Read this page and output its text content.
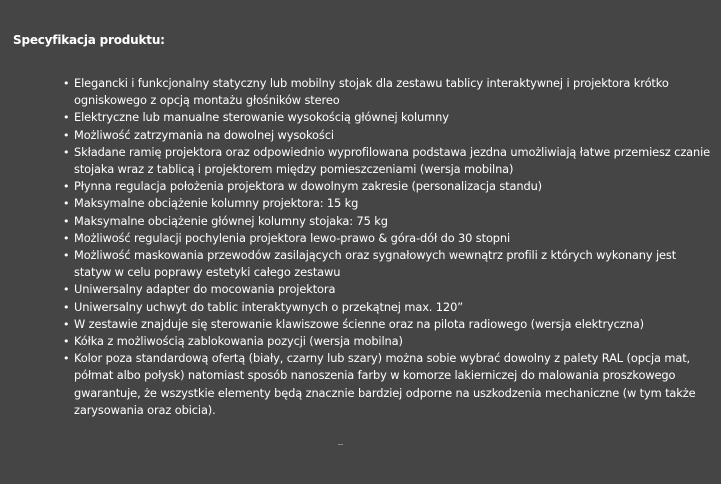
Specyfikacja produktu:
• Elegancki i funkcjonalny statyczny lub mobilny stojak dla zestawu tablicy interaktywnej i projektora krótko ogniskowego z opcją montażu głośników stereo
• Elektryczne lub manualne sterowanie wysokością głównej kolumny
• Możliwość zatrzymania na dowolnej wysokości
• Składane ramię projektora oraz odpowiednio wyprofilowana podstawa jezdna umożliwiają łatwe przemiesz czanie stojaka wraz z tablicą i projektorem między pomieszczeniami (wersja mobilna)
• Płynna regulacja położenia projektora w dowolnym zakresie (personalizacja standu)
• Maksymalne obciążenie kolumny projektora: 15 kg
• Maksymalne obciążenie głównej kolumny stojaka: 75 kg
• Możliwość regulacji pochylenia projektora lewo-prawo & góra-dół do 30 stopni
• Możliwość maskowania przewodów zasilających oraz sygnałowych wewnątrz profili z których wykonany jest statyw w celu poprawy estetyki całego zestawu
• Uniwersalny adapter do mocowania projektora
• Uniwersalny uchwyt do tablic interaktywnych o przekątnej max. 120”
• W zestawie znajduje się sterowanie klawiszowe ścienne oraz na pilota radiowego (wersja elektryczna)
• Kółka z możliwością zablokowania pozycji (wersja mobilna)
• Kolor poza standardową ofertą (biały, czarny lub szary) można sobie wybrać dowolny z palety RAL (opcja mat, półmat albo połysk) natomiast sposób nanoszenia farby w komorze lakierniczej do malowania proszkowego gwarantuje, że wszystkie elementy będą znacznie bardziej odporne na uszkodzenia mechaniczne (w tym także zarysowania oraz obicia).
